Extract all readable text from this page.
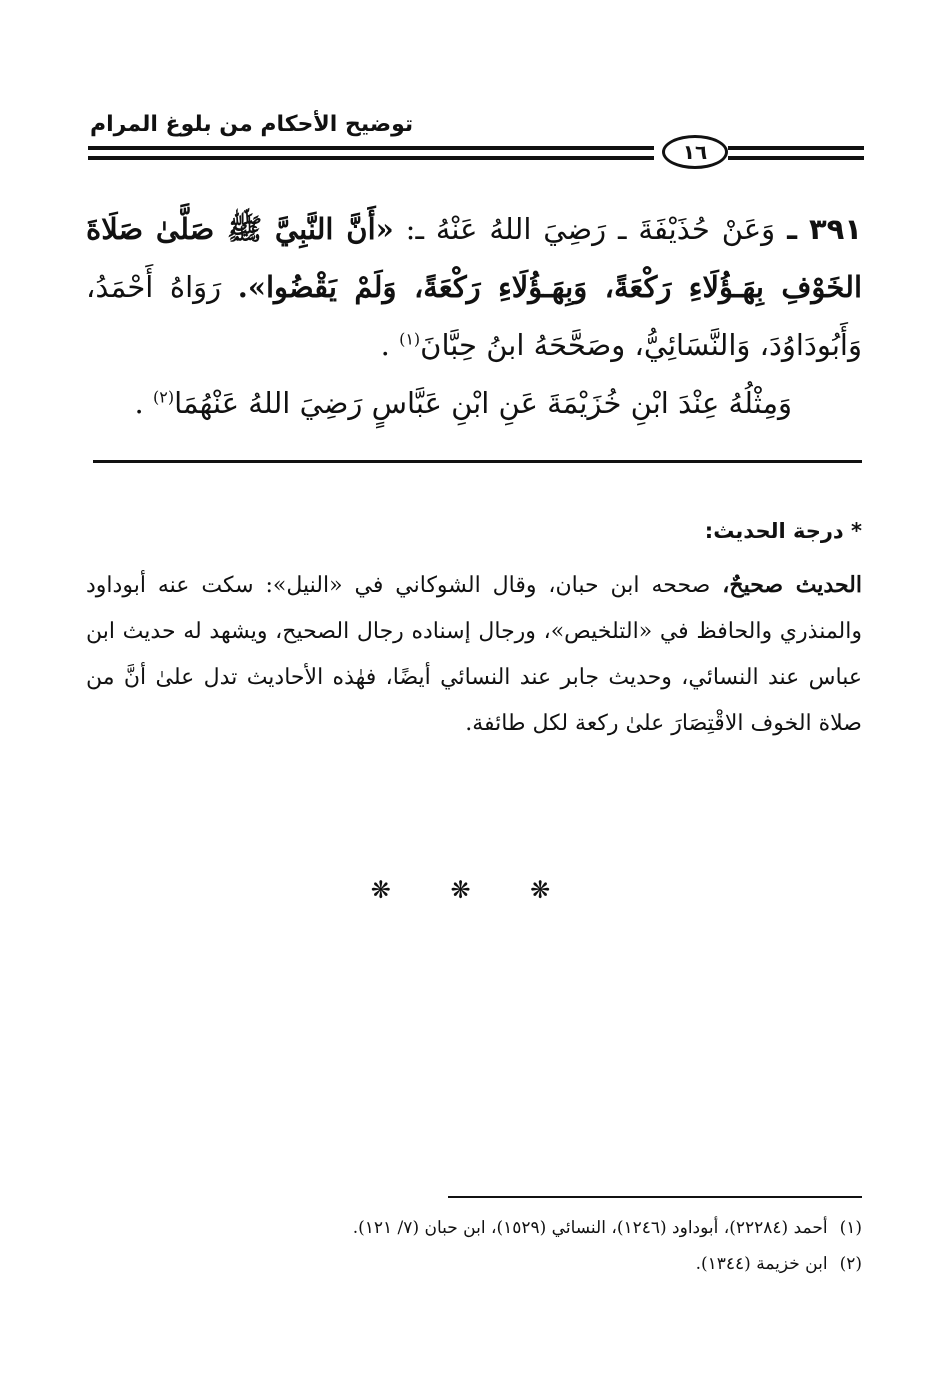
توضيح الأحكام من بلوغ المرام
١٦

٣٩١ ـ وَعَنْ حُذَيْفَةَ ـ رَضِيَ اللهُ عَنْهُ ـ: «أَنَّ النَّبِيَّ ﷺ صَلَّىٰ صَلَاةَ الخَوْفِ بِهَـؤُلَاءِ رَكْعَةً، وَبِهَـؤُلَاءِ رَكْعَةً، وَلَمْ يَقْضُوا». رَوَاهُ أَحْمَدُ، وَأَبُودَاوُدَ، وَالنَّسَائِيُّ، وصَحَّحَهُ ابنُ حِبَّانَ$^{(١)}$ .

وَمِثْلُهُ عِنْدَ ابْنِ خُزَيْمَةَ عَنِ ابْنِ عَبَّاسٍ رَضِيَ اللهُ عَنْهُمَا$^{(٢)}$ .

* درجة الحديث:

الحديث صحيحٌ، صححه ابن حبان، وقال الشوكاني في «النيل»: سكت عنه أبوداود والمنذري والحافظ في «التلخيص»، ورجال إسناده رجال الصحيح، ويشهد له حديث ابن عباس عند النسائي، وحديث جابر عند النسائي أيضًا، فهٰذه الأحاديث تدل علىٰ أنَّ من صلاة الخوف الاقْتِصَارَ علىٰ ركعة لكل طائفة.

❋ ❋ ❋
(١)أحمد (٢٢٢٨٤)، أبوداود (١٢٤٦)، النسائي (١٥٢٩)، ابن حبان (٧/ ١٢١).
(٢)ابن خزيمة (١٣٤٤).
